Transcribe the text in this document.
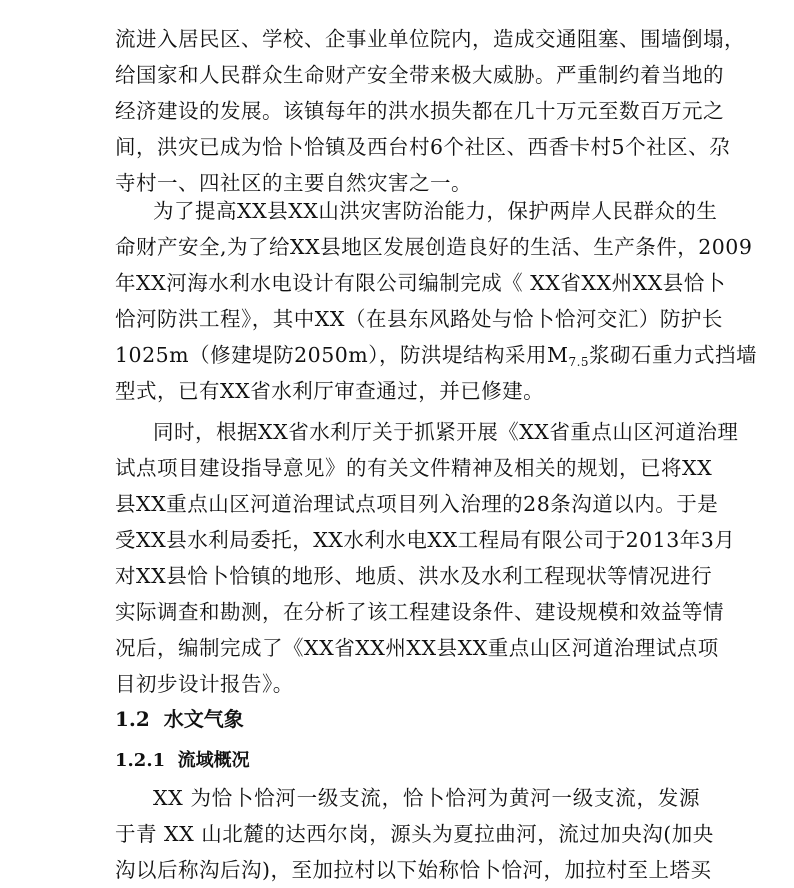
流进入居民区、学校、企事业单位院内，造成交通阻塞、围墙倒塌，
给国家和人民群众生命财产安全带来极大威胁。严重制约着当地的
经济建设的发展。该镇每年的洪水损失都在几十万元至数百万元之
间，洪灾已成为恰卜恰镇及西台村6个社区、西香卡村5个社区、尕
寺村一、四社区的主要自然灾害之一。
为了提高XX县XX山洪灾害防治能力，保护两岸人民群众的生
命财产安全,为了给XX县地区发展创造良好的生活、生产条件，2009
年XX河海水利水电设计有限公司编制完成《 XX省XX州XX县恰卜
恰河防洪工程》，其中XX（在县东风路处与恰卜恰河交汇）防护长
1025m（修建堤防2050m），防洪堤结构采用$M_{7.5}$浆砌石重力式挡墙
型式，已有XX省水利厅审查通过，并已修建。
同时，根据XX省水利厅关于抓紧开展《XX省重点山区河道治理
试点项目建设指导意见》的有关文件精神及相关的规划，已将XX
县XX重点山区河道治理试点项目列入治理的28条沟道以内。于是
受XX县水利局委托，XX水利水电XX工程局有限公司于2013年3月
对XX县恰卜恰镇的地形、地质、洪水及水利工程现状等情况进行
实际调查和勘测，在分析了该工程建设条件、建设规模和效益等情
况后，编制完成了《XX省XX州XX县XX重点山区河道治理试点项
目初步设计报告》。
1.2 水文气象
1.2.1 流域概况
XX 为恰卜恰河一级支流，恰卜恰河为黄河一级支流，发源
于青 XX 山北麓的达西尔岗，源头为夏拉曲河，流过加央沟(加央
沟以后称沟后沟)，至加拉村以下始称恰卜恰河，加拉村至上塔买
